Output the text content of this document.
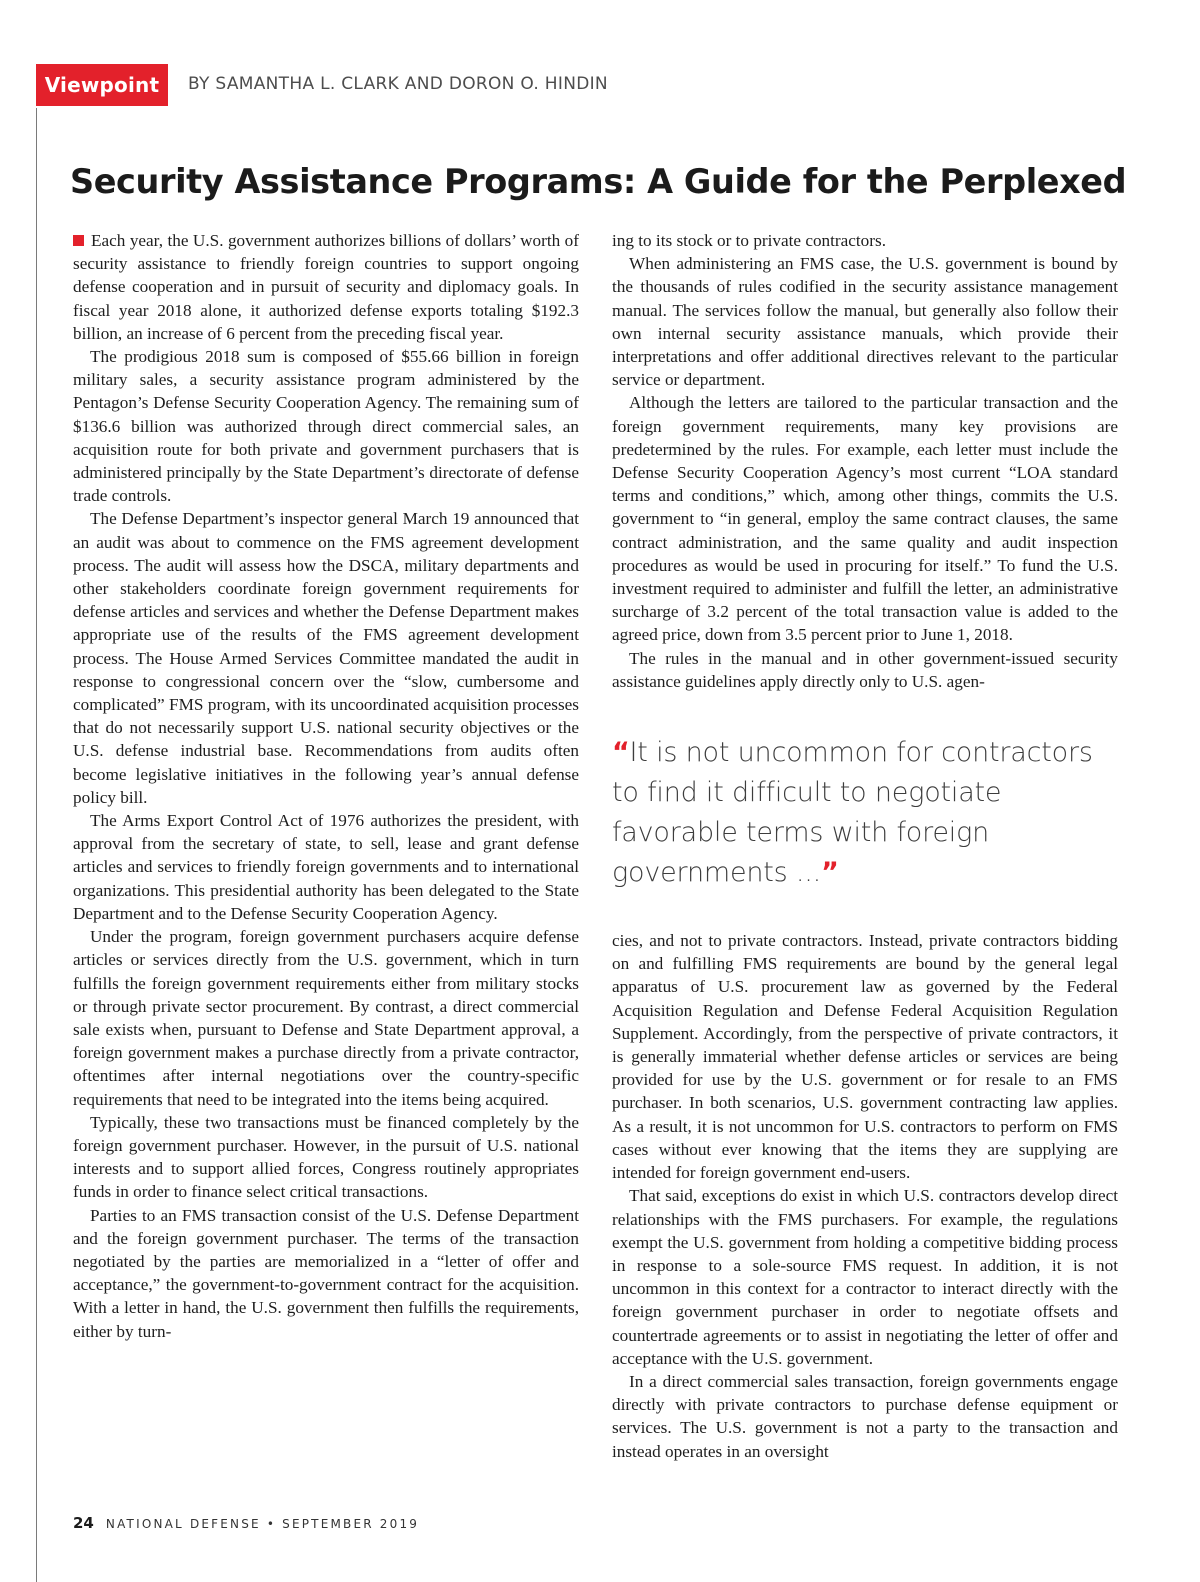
Viewpoint	BY SAMANTHA L. CLARK AND DORON O. HINDIN
Security Assistance Programs: A Guide for the Perplexed

Each year, the U.S. government authorizes billions of dollars’ worth of security assistance to friendly foreign countries to support ongoing defense cooperation and in pursuit of security and diplomacy goals. In fiscal year 2018 alone, it authorized defense exports totaling $192.3 billion, an increase of 6 percent from the preceding fiscal year.

The prodigious 2018 sum is composed of $55.66 billion in foreign military sales, a security assistance program administered by the Pentagon’s Defense Security Cooperation Agency. The remaining sum of $136.6 billion was authorized through direct commercial sales, an acquisition route for both private and government purchasers that is administered principally by the State Department’s directorate of defense trade controls.

The Defense Department’s inspector general March 19 announced that an audit was about to commence on the FMS agreement development process. The audit will assess how the DSCA, military departments and other stakeholders coordinate foreign government requirements for defense articles and services and whether the Defense Department makes appropriate use of the results of the FMS agreement development process. The House Armed Services Committee mandated the audit in response to congressional concern over the “slow, cumbersome and complicated” FMS program, with its uncoordinated acquisition processes that do not necessarily support U.S. national security objectives or the U.S. defense industrial base. Recommendations from audits often become legislative initiatives in the following year’s annual defense policy bill.

The Arms Export Control Act of 1976 authorizes the president, with approval from the secretary of state, to sell, lease and grant defense articles and services to friendly foreign governments and to international organizations. This presidential authority has been delegated to the State Department and to the Defense Security Cooperation Agency.

Under the program, foreign government purchasers acquire defense articles or services directly from the U.S. government, which in turn fulfills the foreign government requirements either from military stocks or through private sector procurement. By contrast, a direct commercial sale exists when, pursuant to Defense and State Department approval, a foreign government makes a purchase directly from a private contractor, oftentimes after internal negotiations over the country-specific requirements that need to be integrated into the items being acquired.

Typically, these two transactions must be financed completely by the foreign government purchaser. However, in the pursuit of U.S. national interests and to support allied forces, Congress routinely appropriates funds in order to finance select critical transactions.

Parties to an FMS transaction consist of the U.S. Defense Department and the foreign government purchaser. The terms of the transaction negotiated by the parties are memorialized in a “letter of offer and acceptance,” the government-to-government contract for the acquisition. With a letter in hand, the U.S. government then fulfills the requirements, either by turn-

ing to its stock or to private contractors.

When administering an FMS case, the U.S. government is bound by the thousands of rules codified in the security assistance management manual. The services follow the manual, but generally also follow their own internal security assistance manuals, which provide their interpretations and offer additional directives relevant to the particular service or department.

Although the letters are tailored to the particular transaction and the foreign government requirements, many key provisions are predetermined by the rules. For example, each letter must include the Defense Security Cooperation Agency’s most current “LOA standard terms and conditions,” which, among other things, commits the U.S. government to “in general, employ the same contract clauses, the same contract administration, and the same quality and audit inspection procedures as would be used in procuring for itself.” To fund the U.S. investment required to administer and fulfill the letter, an administrative surcharge of 3.2 percent of the total transaction value is added to the agreed price, down from 3.5 percent prior to June 1, 2018.

The rules in the manual and in other government-issued security assistance guidelines apply directly only to U.S. agen-

“It is not uncommon for contractors to find it difficult to negotiate favorable terms with foreign governments ...”

cies, and not to private contractors. Instead, private contractors bidding on and fulfilling FMS requirements are bound by the general legal apparatus of U.S. procurement law as governed by the Federal Acquisition Regulation and Defense Federal Acquisition Regulation Supplement. Accordingly, from the perspective of private contractors, it is generally immaterial whether defense articles or services are being provided for use by the U.S. government or for resale to an FMS purchaser. In both scenarios, U.S. government contracting law applies. As a result, it is not uncommon for U.S. contractors to perform on FMS cases without ever knowing that the items they are supplying are intended for foreign government end-users.

That said, exceptions do exist in which U.S. contractors develop direct relationships with the FMS purchasers. For example, the regulations exempt the U.S. government from holding a competitive bidding process in response to a sole-source FMS request. In addition, it is not uncommon in this context for a contractor to interact directly with the foreign government purchaser in order to negotiate offsets and countertrade agreements or to assist in negotiating the letter of offer and acceptance with the U.S. government.

In a direct commercial sales transaction, foreign governments engage directly with private contractors to purchase defense equipment or services. The U.S. government is not a party to the transaction and instead operates in an oversight

24 NATIONAL DEFENSE • SEPTEMBER 2019
